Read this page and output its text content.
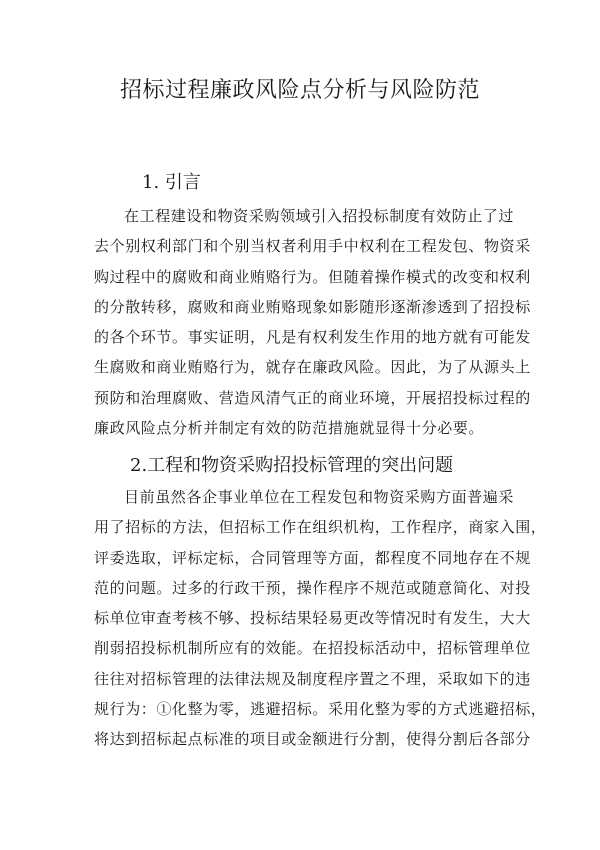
招标过程廉政风险点分析与风险防范
1. 引言
在工程建设和物资采购领域引入招投标制度有效防止了过
去个别权利部门和个别当权者利用手中权利在工程发包、物资采
购过程中的腐败和商业贿赂行为。但随着操作模式的改变和权利
的分散转移，腐败和商业贿赂现象如影随形逐渐渗透到了招投标
的各个环节。事实证明，凡是有权利发生作用的地方就有可能发
生腐败和商业贿赂行为，就存在廉政风险。因此，为了从源头上
预防和治理腐败、营造风清气正的商业环境，开展招投标过程的
廉政风险点分析并制定有效的防范措施就显得十分必要。
2.工程和物资采购招投标管理的突出问题
目前虽然各企事业单位在工程发包和物资采购方面普遍采
用了招标的方法，但招标工作在组织机构，工作程序，商家入围，
评委选取，评标定标，合同管理等方面，都程度不同地存在不规
范的问题。过多的行政干预，操作程序不规范或随意简化、对投
标单位审查考核不够、投标结果轻易更改等情况时有发生，大大
削弱招投标机制所应有的效能。在招投标活动中，招标管理单位
往往对招标管理的法律法规及制度程序置之不理，采取如下的违
规行为：①化整为零，逃避招标。采用化整为零的方式逃避招标，
将达到招标起点标准的项目或金额进行分割，使得分割后各部分
